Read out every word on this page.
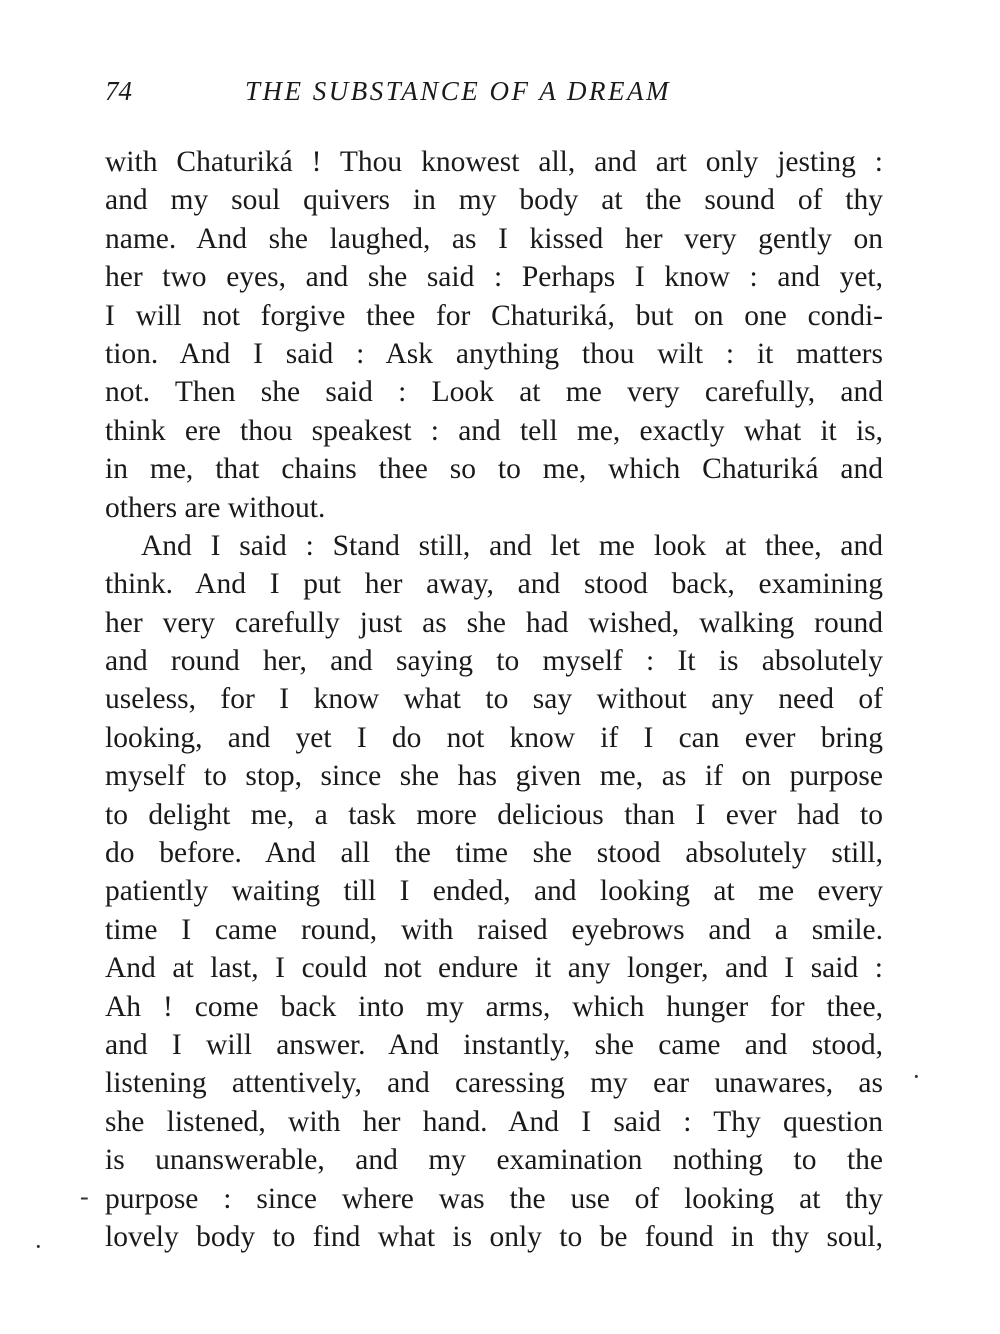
74	THE SUBSTANCE OF A DREAM
with Chaturiká ! Thou knowest all, and art only jesting :
and my soul quivers in my body at the sound of thy
name. And she laughed, as I kissed her very gently on
her two eyes, and she said : Perhaps I know : and yet,
I will not forgive thee for Chaturiká, but on one condi-
tion. And I said : Ask anything thou wilt : it matters
not. Then she said : Look at me very carefully, and
think ere thou speakest : and tell me, exactly what it is,
in me, that chains thee so to me, which Chaturiká and
others are without.
And I said : Stand still, and let me look at thee, and
think. And I put her away, and stood back, examining
her very carefully just as she had wished, walking round
and round her, and saying to myself : It is absolutely
useless, for I know what to say without any need of
looking, and yet I do not know if I can ever bring
myself to stop, since she has given me, as if on purpose
to delight me, a task more delicious than I ever had to
do before. And all the time she stood absolutely still,
patiently waiting till I ended, and looking at me every
time I came round, with raised eyebrows and a smile.
And at last, I could not endure it any longer, and I said :
Ah ! come back into my arms, which hunger for thee,
and I will answer. And instantly, she came and stood,
listening attentively, and caressing my ear unawares, as
she listened, with her hand. And I said : Thy question
is unanswerable, and my examination nothing to the
purpose : since where was the use of looking at thy
lovely body to find what is only to be found in thy soul,
-
·
·
